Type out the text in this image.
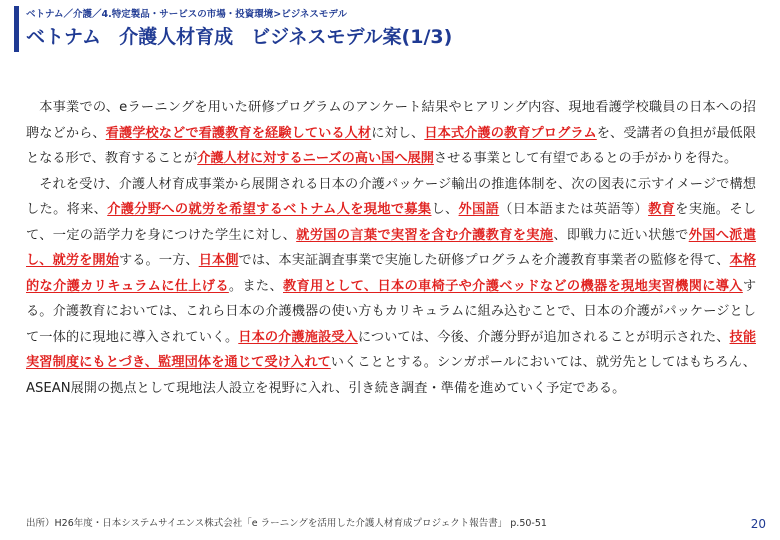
ベトナム／介護／4.特定製品・サービスの市場・投資環境>ビジネスモデル
ベトナム 介護人材育成 ビジネスモデル案(1/3)

本事業での、eラーニングを用いた研修プログラムのアンケート結果やヒアリング内容、現地看護学校職員の日本への招聘などから、看護学校などで看護教育を経験している人材に対し、日本式介護の教育プログラムを、受講者の負担が最低限となる形で、教育することが介護人材に対するニーズの高い国へ展開させる事業として有望であるとの手がかりを得た。

それを受け、介護人材育成事業から展開される日本の介護パッケージ輸出の推進体制を、次の図表に示すイメージで構想した。将来、介護分野への就労を希望するベトナム人を現地で募集し、外国語（日本語または英語等）教育を実施。そして、一定の語学力を身につけた学生に対し、就労国の言葉で実習を含む介護教育を実施、即戦力に近い状態で外国へ派遣し、就労を開始する。一方、日本側では、本実証調査事業で実施した研修プログラムを介護教育事業者の監修を得て、本格的な介護カリキュラムに仕上げる。また、教育用として、日本の車椅子や介護ベッドなどの機器を現地実習機関に導入する。介護教育においては、これら日本の介護機器の使い方もカリキュラムに組み込むことで、日本の介護がパッケージとして一体的に現地に導入されていく。日本の介護施設受入については、今後、介護分野が追加されることが明示された、技能実習制度にもとづき、監理団体を通じて受け入れていくこととする。シンガポールにおいては、就労先としてはもちろん、ASEAN展開の拠点として現地法人設立を視野に入れ、引き続き調査・準備を進めていく予定である。

出所）H26年度・日本システムサイエンス株式会社「e ラーニングを活用した介護人材育成プロジェクト報告書」 p.50-51	20
